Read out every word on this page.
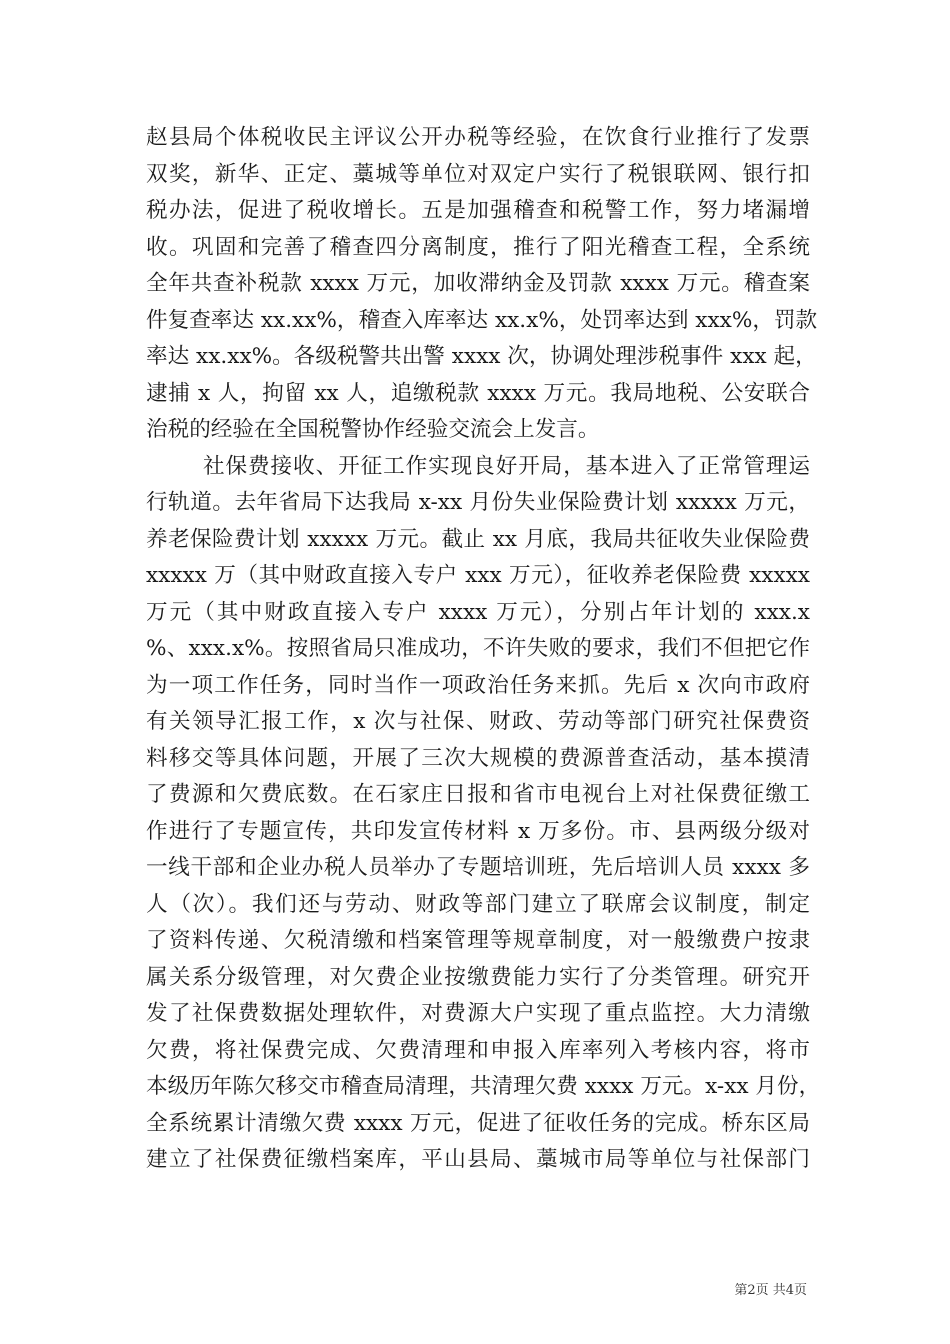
赵县局个体税收民主评议公开办税等经验，在饮食行业推行了发票
双奖，新华、正定、藁城等单位对双定户实行了税银联网、银行扣
税办法，促进了税收增长。五是加强稽查和税警工作，努力堵漏增
收。巩固和完善了稽查四分离制度，推行了阳光稽查工程，全系统
全年共查补税款 xxxx 万元，加收滞纳金及罚款 xxxx 万元。稽查案
件复查率达 xx.xx%，稽查入库率达 xx.x%，处罚率达到 xxx%，罚款
率达 xx.xx%。各级税警共出警 xxxx 次，协调处理涉税事件 xxx 起，
逮捕 x 人，拘留 xx 人，追缴税款 xxxx 万元。我局地税、公安联合
治税的经验在全国税警协作经验交流会上发言。
社保费接收、开征工作实现良好开局，基本进入了正常管理运
行轨道。去年省局下达我局 x-xx 月份失业保险费计划 xxxxx 万元，
养老保险费计划 xxxxx 万元。截止 xx 月底，我局共征收失业保险费
xxxxx 万（其中财政直接入专户 xxx 万元），征收养老保险费 xxxxx
万元（其中财政直接入专户 xxxx 万元），分别占年计划的 xxx.x
%、xxx.x%。按照省局只准成功，不许失败的要求，我们不但把它作
为一项工作任务，同时当作一项政治任务来抓。先后 x 次向市政府
有关领导汇报工作，x 次与社保、财政、劳动等部门研究社保费资
料移交等具体问题，开展了三次大规模的费源普查活动，基本摸清
了费源和欠费底数。在石家庄日报和省市电视台上对社保费征缴工
作进行了专题宣传，共印发宣传材料 x 万多份。市、县两级分级对
一线干部和企业办税人员举办了专题培训班，先后培训人员 xxxx 多
人（次）。我们还与劳动、财政等部门建立了联席会议制度，制定
了资料传递、欠税清缴和档案管理等规章制度，对一般缴费户按隶
属关系分级管理，对欠费企业按缴费能力实行了分类管理。研究开
发了社保费数据处理软件，对费源大户实现了重点监控。大力清缴
欠费，将社保费完成、欠费清理和申报入库率列入考核内容，将市
本级历年陈欠移交市稽查局清理，共清理欠费 xxxx 万元。x-xx 月份，
全系统累计清缴欠费 xxxx 万元，促进了征收任务的完成。桥东区局
建立了社保费征缴档案库，平山县局、藁城市局等单位与社保部门
第2页 共4页
